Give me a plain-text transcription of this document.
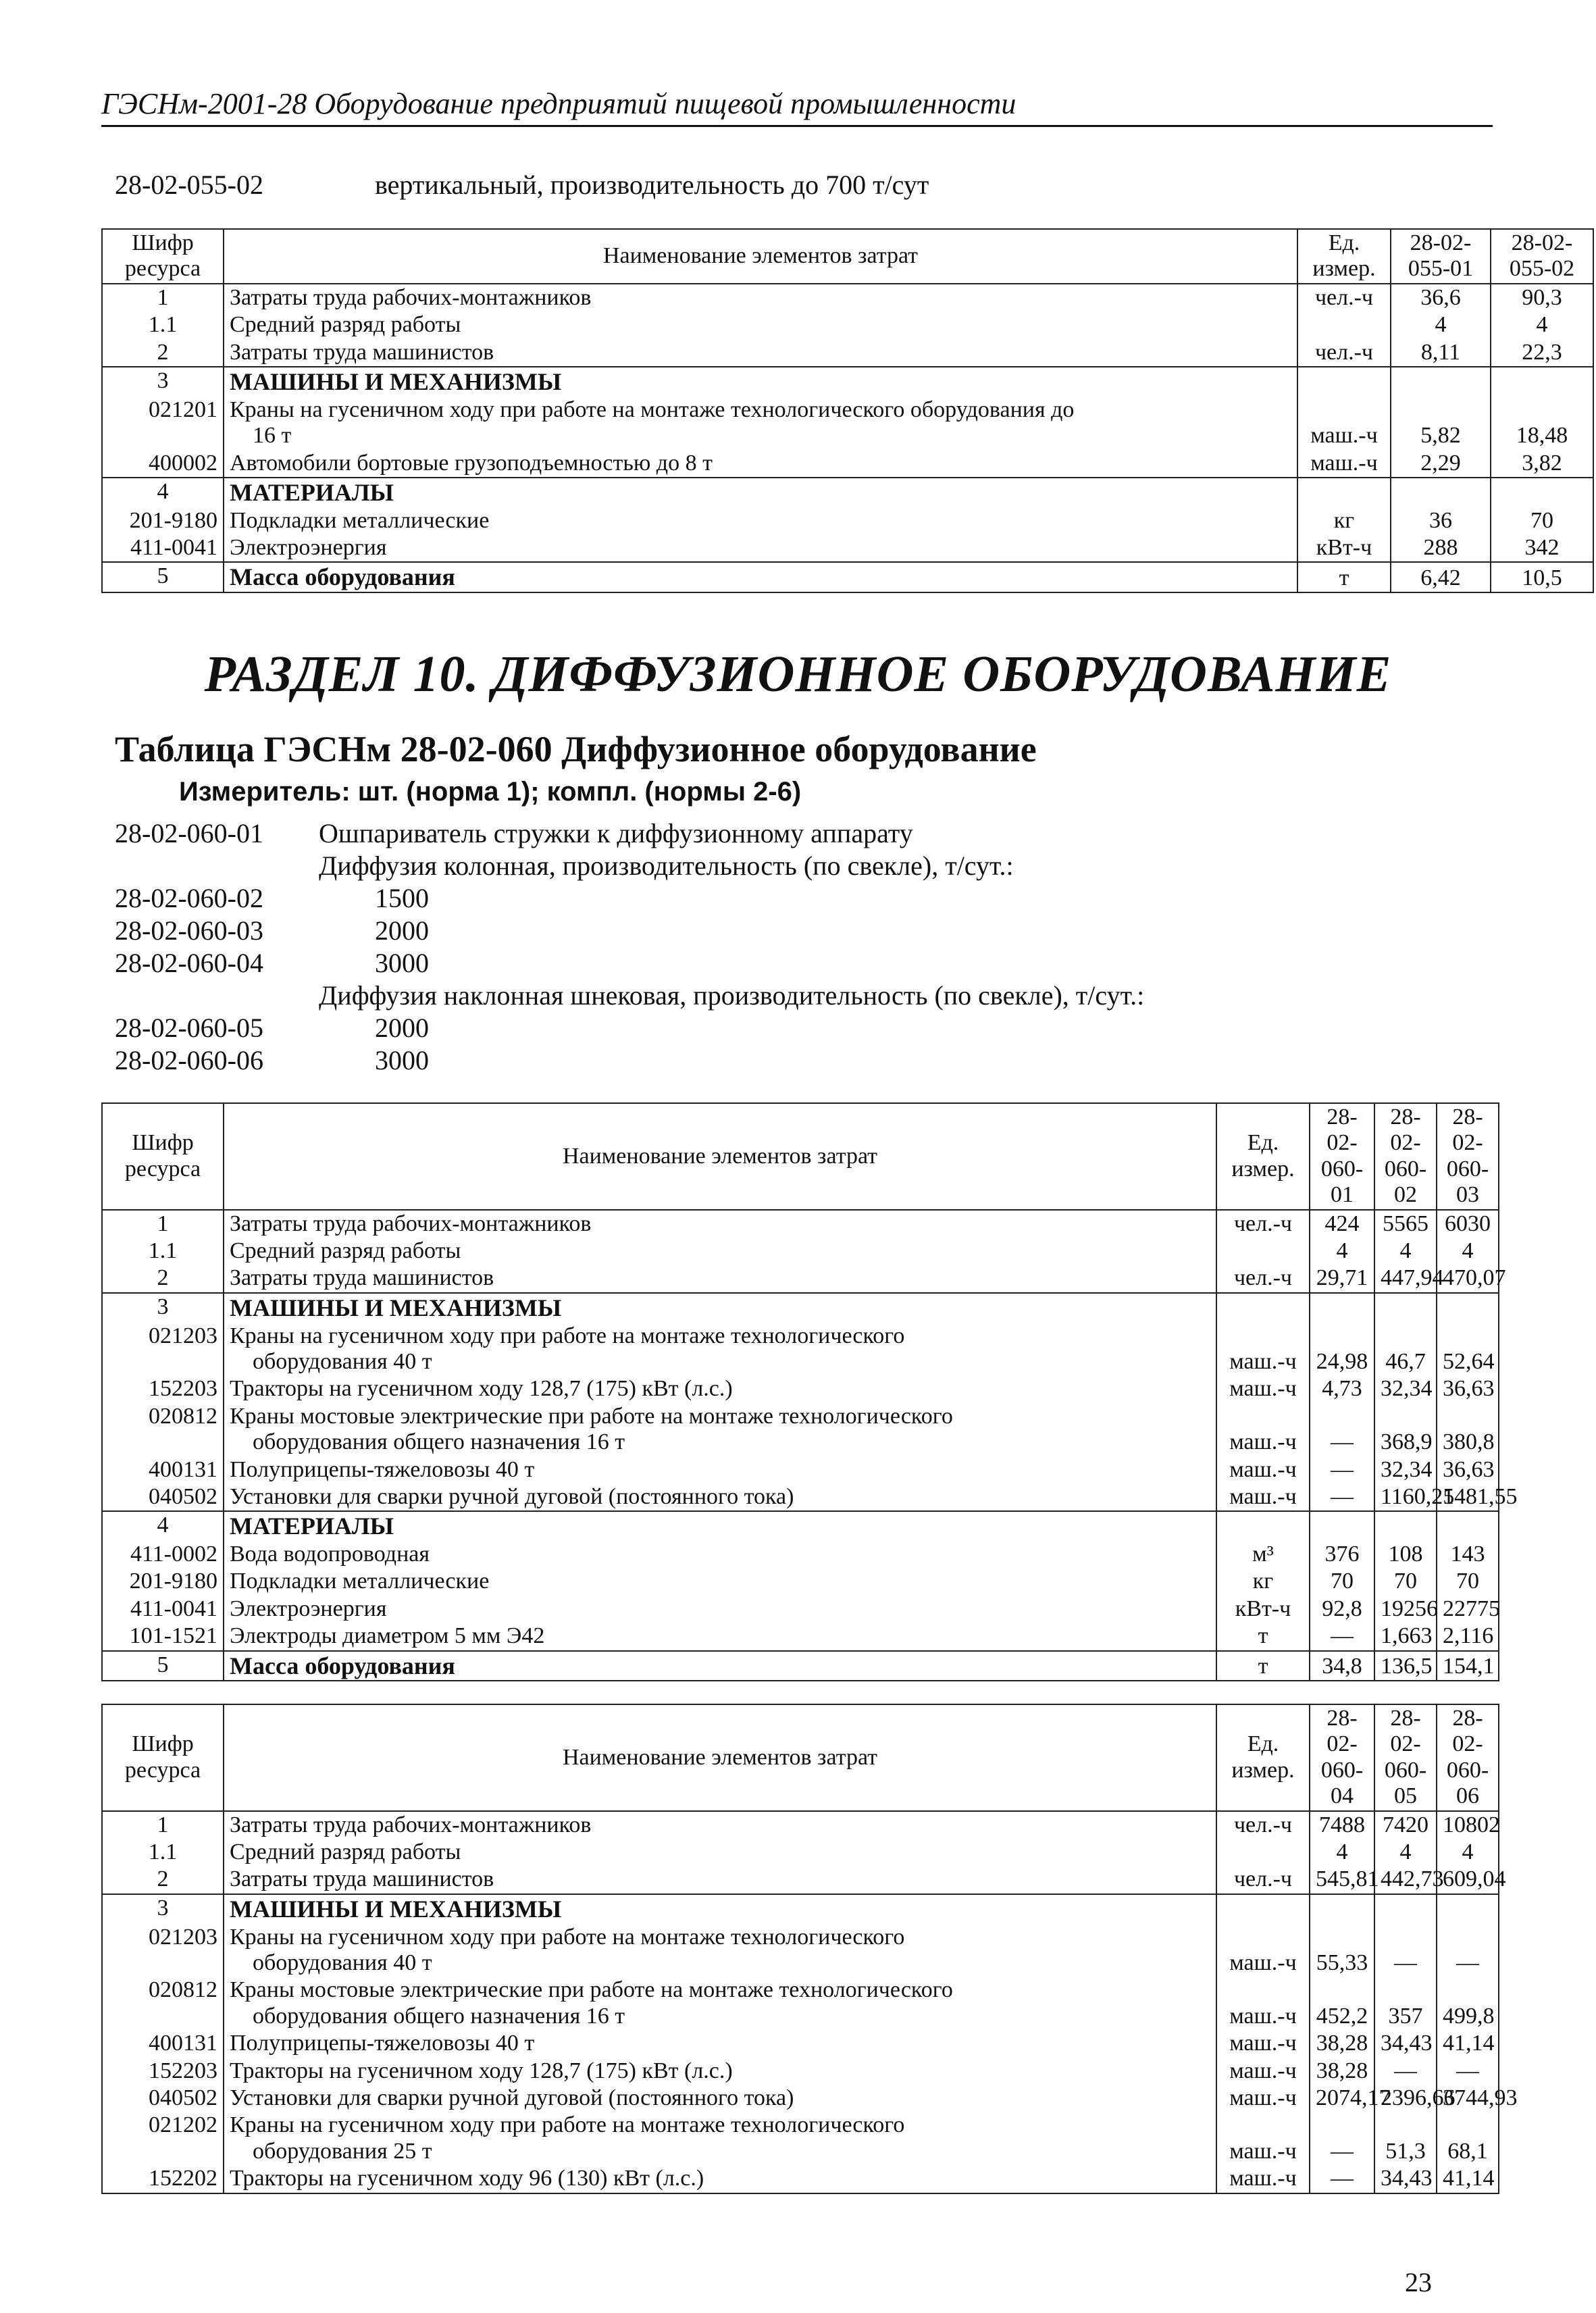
ГЭСНм-2001-28 Оборудование предприятий пищевой промышленности
28-02-055-02	вертикальный, производительность до 700 т/сут
Шифр ресурса	Наименование элементов затрат	Ед. измер.	28-02-055-01	28-02-055-02
1	Затраты труда рабочих-монтажников	чел.-ч	36,6	90,3
1.1	Средний разряд работы		4	4
2	Затраты труда машинистов	чел.-ч	8,11	22,3
3	МАШИНЫ И МЕХАНИЗМЫ			
021201	Краны на гусеничном ходу при работе на монтаже технологического оборудования до
16 т	маш.-ч	5,82	18,48
400002	Автомобили бортовые грузоподъемностью до 8 т	маш.-ч	2,29	3,82
4	МАТЕРИАЛЫ			
201-9180	Подкладки металлические	кг	36	70
411-0041	Электроэнергия	кВт-ч	288	342
5	Масса оборудования	т	6,42	10,5
РАЗДЕЛ 10. ДИФФУЗИОННОЕ ОБОРУДОВАНИЕ
Таблица ГЭСНм 28-02-060 Диффузионное оборудование
Измеритель: шт. (норма 1); компл. (нормы 2-6)
28-02-060-01 Ошпариватель стружки к диффузионному аппарату
Диффузия колонная, производительность (по свекле), т/сут.:
28-02-060-02	1500
28-02-060-03	2000
28-02-060-04	3000
Диффузия наклонная шнековая, производительность (по свекле), т/сут.:
28-02-060-05	2000
28-02-060-06	3000
Шифр ресурса	Наименование элементов затрат	Ед. измер.	28-02-060-01	28-02-060-02	28-02-060-03
1	Затраты труда рабочих-монтажников	чел.-ч	424	5565	6030
1.1	Средний разряд работы		4	4	4
2	Затраты труда машинистов	чел.-ч	29,71	447,94	470,07
3	МАШИНЫ И МЕХАНИЗМЫ				
021203	Краны на гусеничном ходу при работе на монтаже технологического
оборудования 40 т	маш.-ч	24,98	46,7	52,64
152203	Тракторы на гусеничном ходу 128,7 (175) кВт (л.с.)	маш.-ч	4,73	32,34	36,63
020812	Краны мостовые электрические при работе на монтаже технологического
оборудования общего назначения 16 т	маш.-ч	—	368,9	380,8
400131	Полуприцепы-тяжеловозы 40 т	маш.-ч	—	32,34	36,63
040502	Установки для сварки ручной дуговой (постоянного тока)	маш.-ч	—	1160,25	1481,55
4	МАТЕРИАЛЫ				
411-0002	Вода водопроводная	м³	376	108	143
201-9180	Подкладки металлические	кг	70	70	70
411-0041	Электроэнергия	кВт-ч	92,8	19256	22775
101-1521	Электроды диаметром 5 мм Э42	т	—	1,663	2,116
5	Масса оборудования	т	34,8	136,5	154,1
Шифр ресурса	Наименование элементов затрат	Ед. измер.	28-02-060-04	28-02-060-05	28-02-060-06
1	Затраты труда рабочих-монтажников	чел.-ч	7488	7420	10802
1.1	Средний разряд работы		4	4	4
2	Затраты труда машинистов	чел.-ч	545,81	442,73	609,04
3	МАШИНЫ И МЕХАНИЗМЫ				
021203	Краны на гусеничном ходу при работе на монтаже технологического
оборудования 40 т	маш.-ч	55,33	—	—
020812	Краны мостовые электрические при работе на монтаже технологического
оборудования общего назначения 16 т	маш.-ч	452,2	357	499,8
400131	Полуприцепы-тяжеловозы 40 т	маш.-ч	38,28	34,43	41,14
152203	Тракторы на гусеничном ходу 128,7 (175) кВт (л.с.)	маш.-ч	38,28	—	—
040502	Установки для сварки ручной дуговой (постоянного тока)	маш.-ч	2074,17	2396,66	3744,93
021202	Краны на гусеничном ходу при работе на монтаже технологического
оборудования 25 т	маш.-ч	—	51,3	68,1
152202	Тракторы на гусеничном ходу 96 (130) кВт (л.с.)	маш.-ч	—	34,43	41,14
23
